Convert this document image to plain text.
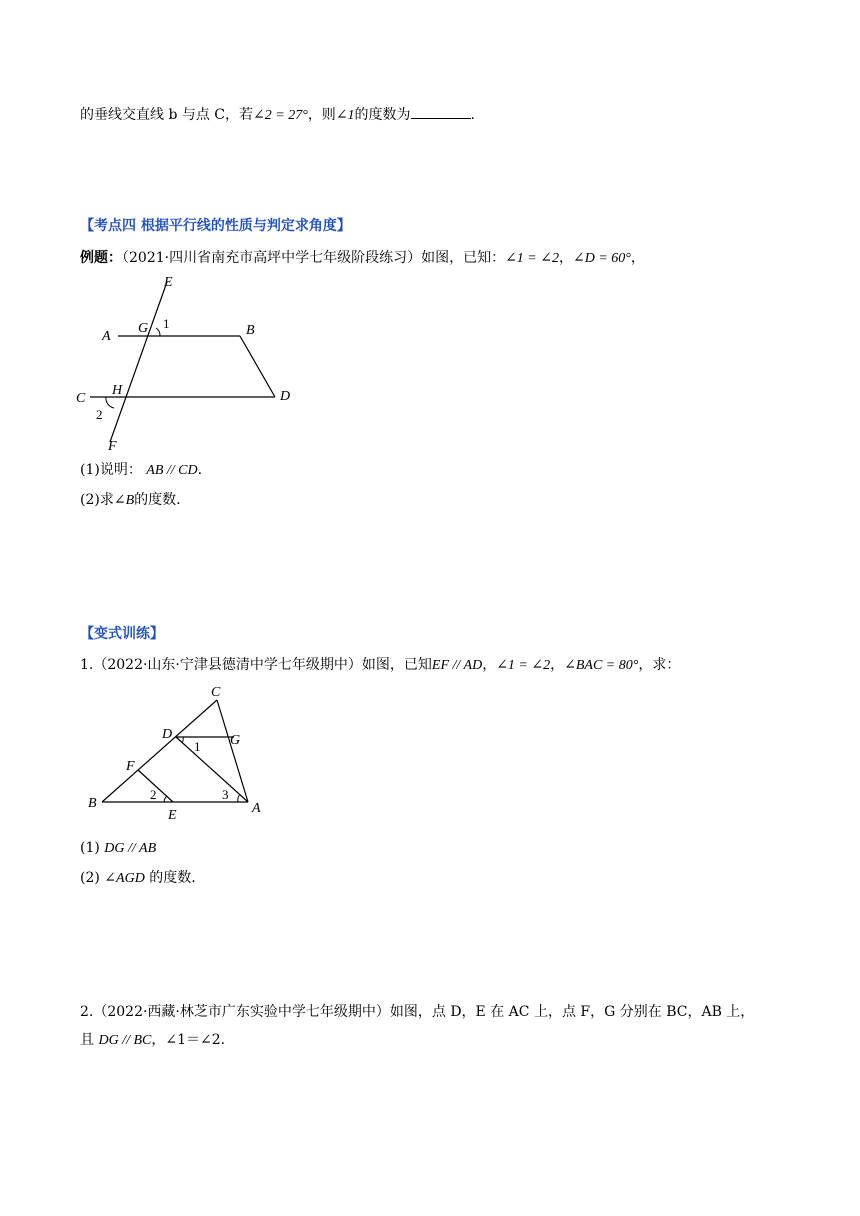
的垂线交直线 b 与点 C，若∠2 = 27°，则∠1的度数为	.
【考点四 根据平行线的性质与判定求角度】
例题：（2021·四川省南充市高坪中学七年级阶段练习）如图，已知：∠1 = ∠2，∠D = 60°，
E
G 1
A	B
H
C	D
2
F
(1)说明： AB // CD.
(2)求∠B的度数.
【变式训练】
1.（2022·山东·宁津县德清中学七年级期中）如图，已知EF // AD，∠1 = ∠2，∠BAC = 80°，求：
C
D	G
1
F
B
2
E
3
A
(1) DG // AB
(2) ∠AGD 的度数.
2.（2022·西藏·林芝市广东实验中学七年级期中）如图，点 D，E 在 AC 上，点 F，G 分别在 BC，AB 上，
且 DG // BC，∠1＝∠2.
